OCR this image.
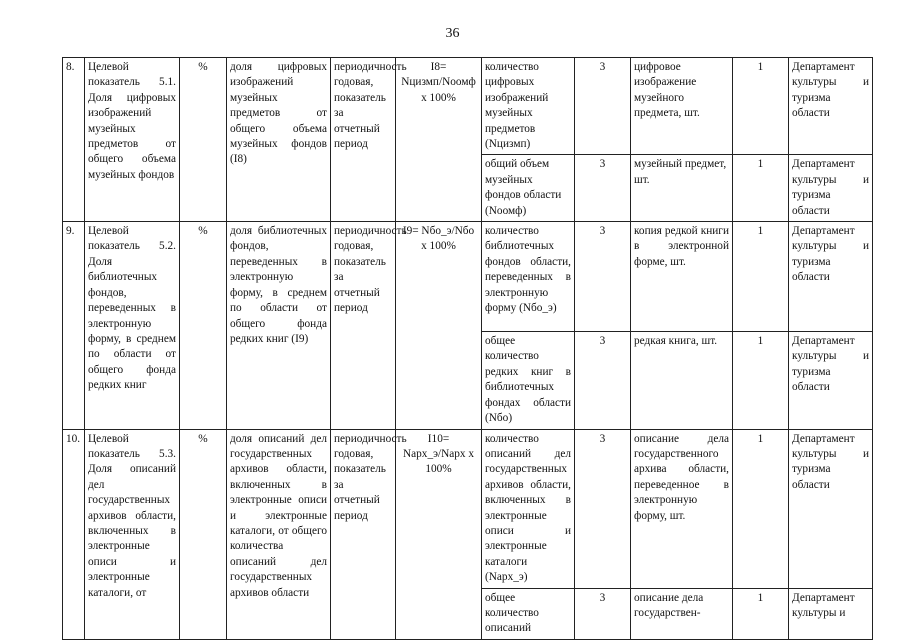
36
8.	Целевой показатель 5.1. Доля цифровых изображений музейных предметов от общего объема музейных фондов	%	доля цифровых изображений музейных предметов от общего объема музейных фондов (I8)	периодичность годовая, показатель за отчетный период	I8= Nцизмп/Nоомф x 100%	количество цифровых изображений музейных предметов (Nцизмп)	3	цифровое изображение музейного предмета, шт.	1	Департамент культуры и туризма области
						общий объем музейных фондов области (Nоомф)	3	музейный предмет, шт.	1	Департамент культуры и туризма области
9.	Целевой показатель 5.2. Доля библиотечных фондов, переведенных в электронную форму, в среднем по области от общего фонда редких книг	%	доля библиотечных фондов, переведенных в электронную форму, в среднем по области от общего фонда редких книг (I9)	периодичность годовая, показатель за отчетный период	I9= Nбо_э/Nбо x 100%	количество библиотечных фондов области, переведенных в электронную форму (Nбо_э)	3	копия редкой книги в электронной форме, шт.	1	Департамент культуры и туризма области
						общее количество редких книг в библиотечных фондах области (Nбо)	3	редкая книга, шт.	1	Департамент культуры и туризма области
10.	Целевой показатель 5.3. Доля описаний дел государственных архивов области, включенных в электронные описи и электронные каталоги, от	%	доля описаний дел государственных архивов области, включенных в электронные описи и электронные каталоги, от общего количества описаний дел государственных архивов области	периодичность годовая, показатель за отчетный период	I10= Nарх_э/Nарх x 100%	количество описаний дел государственных архивов области, включенных в электронные описи и электронные каталоги (Nарх_э)	3	описание дела государственного архива области, переведенное в электронную форму, шт.	1	Департамент культуры и туризма области
						общее количество описаний	3	описание дела государствен-	1	Департамент культуры и
